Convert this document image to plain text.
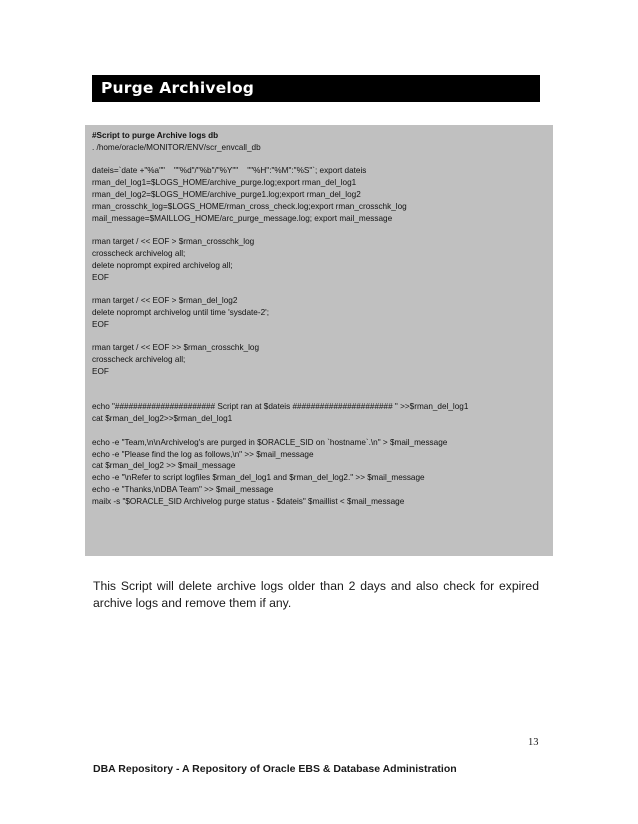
Purge Archivelog
#Script to purge Archive logs db
. /home/oracle/MONITOR/ENV/scr_envcall_db
dateis=`date +"%a""    ""%d"/"%b"/"%Y""    ""%H":"%M":"%S"`; export dateis
rman_del_log1=$LOGS_HOME/archive_purge.log;export rman_del_log1
rman_del_log2=$LOGS_HOME/archive_purge1.log;export rman_del_log2
rman_crosschk_log=$LOGS_HOME/rman_cross_check.log;export rman_crosschk_log
mail_message=$MAILLOG_HOME/arc_purge_message.log; export mail_message
rman target / << EOF > $rman_crosschk_log
crosscheck archivelog all;
delete noprompt expired archivelog all;
EOF
rman target / << EOF > $rman_del_log2
delete noprompt archivelog until time 'sysdate-2';
EOF
rman target / << EOF >> $rman_crosschk_log
crosscheck archivelog all;
EOF
echo "###################### Script ran at $dateis ###################### " >>$rman_del_log1
cat $rman_del_log2>>$rman_del_log1
echo -e "Team,\n\nArchivelog's are purged in $ORACLE_SID on `hostname`.\n" > $mail_message
echo -e "Please find the log as follows,\n" >> $mail_message
cat $rman_del_log2 >> $mail_message
echo -e "\nRefer to script logfiles $rman_del_log1 and $rman_del_log2." >> $mail_message
echo -e "Thanks,\nDBA Team" >> $mail_message
mailx -s "$ORACLE_SID Archivelog purge status - $dateis" $maillist < $mail_message
This Script will delete archive logs older than 2 days and also check for expired archive logs and remove them if any.
13
DBA Repository - A Repository of Oracle EBS & Database Administration
